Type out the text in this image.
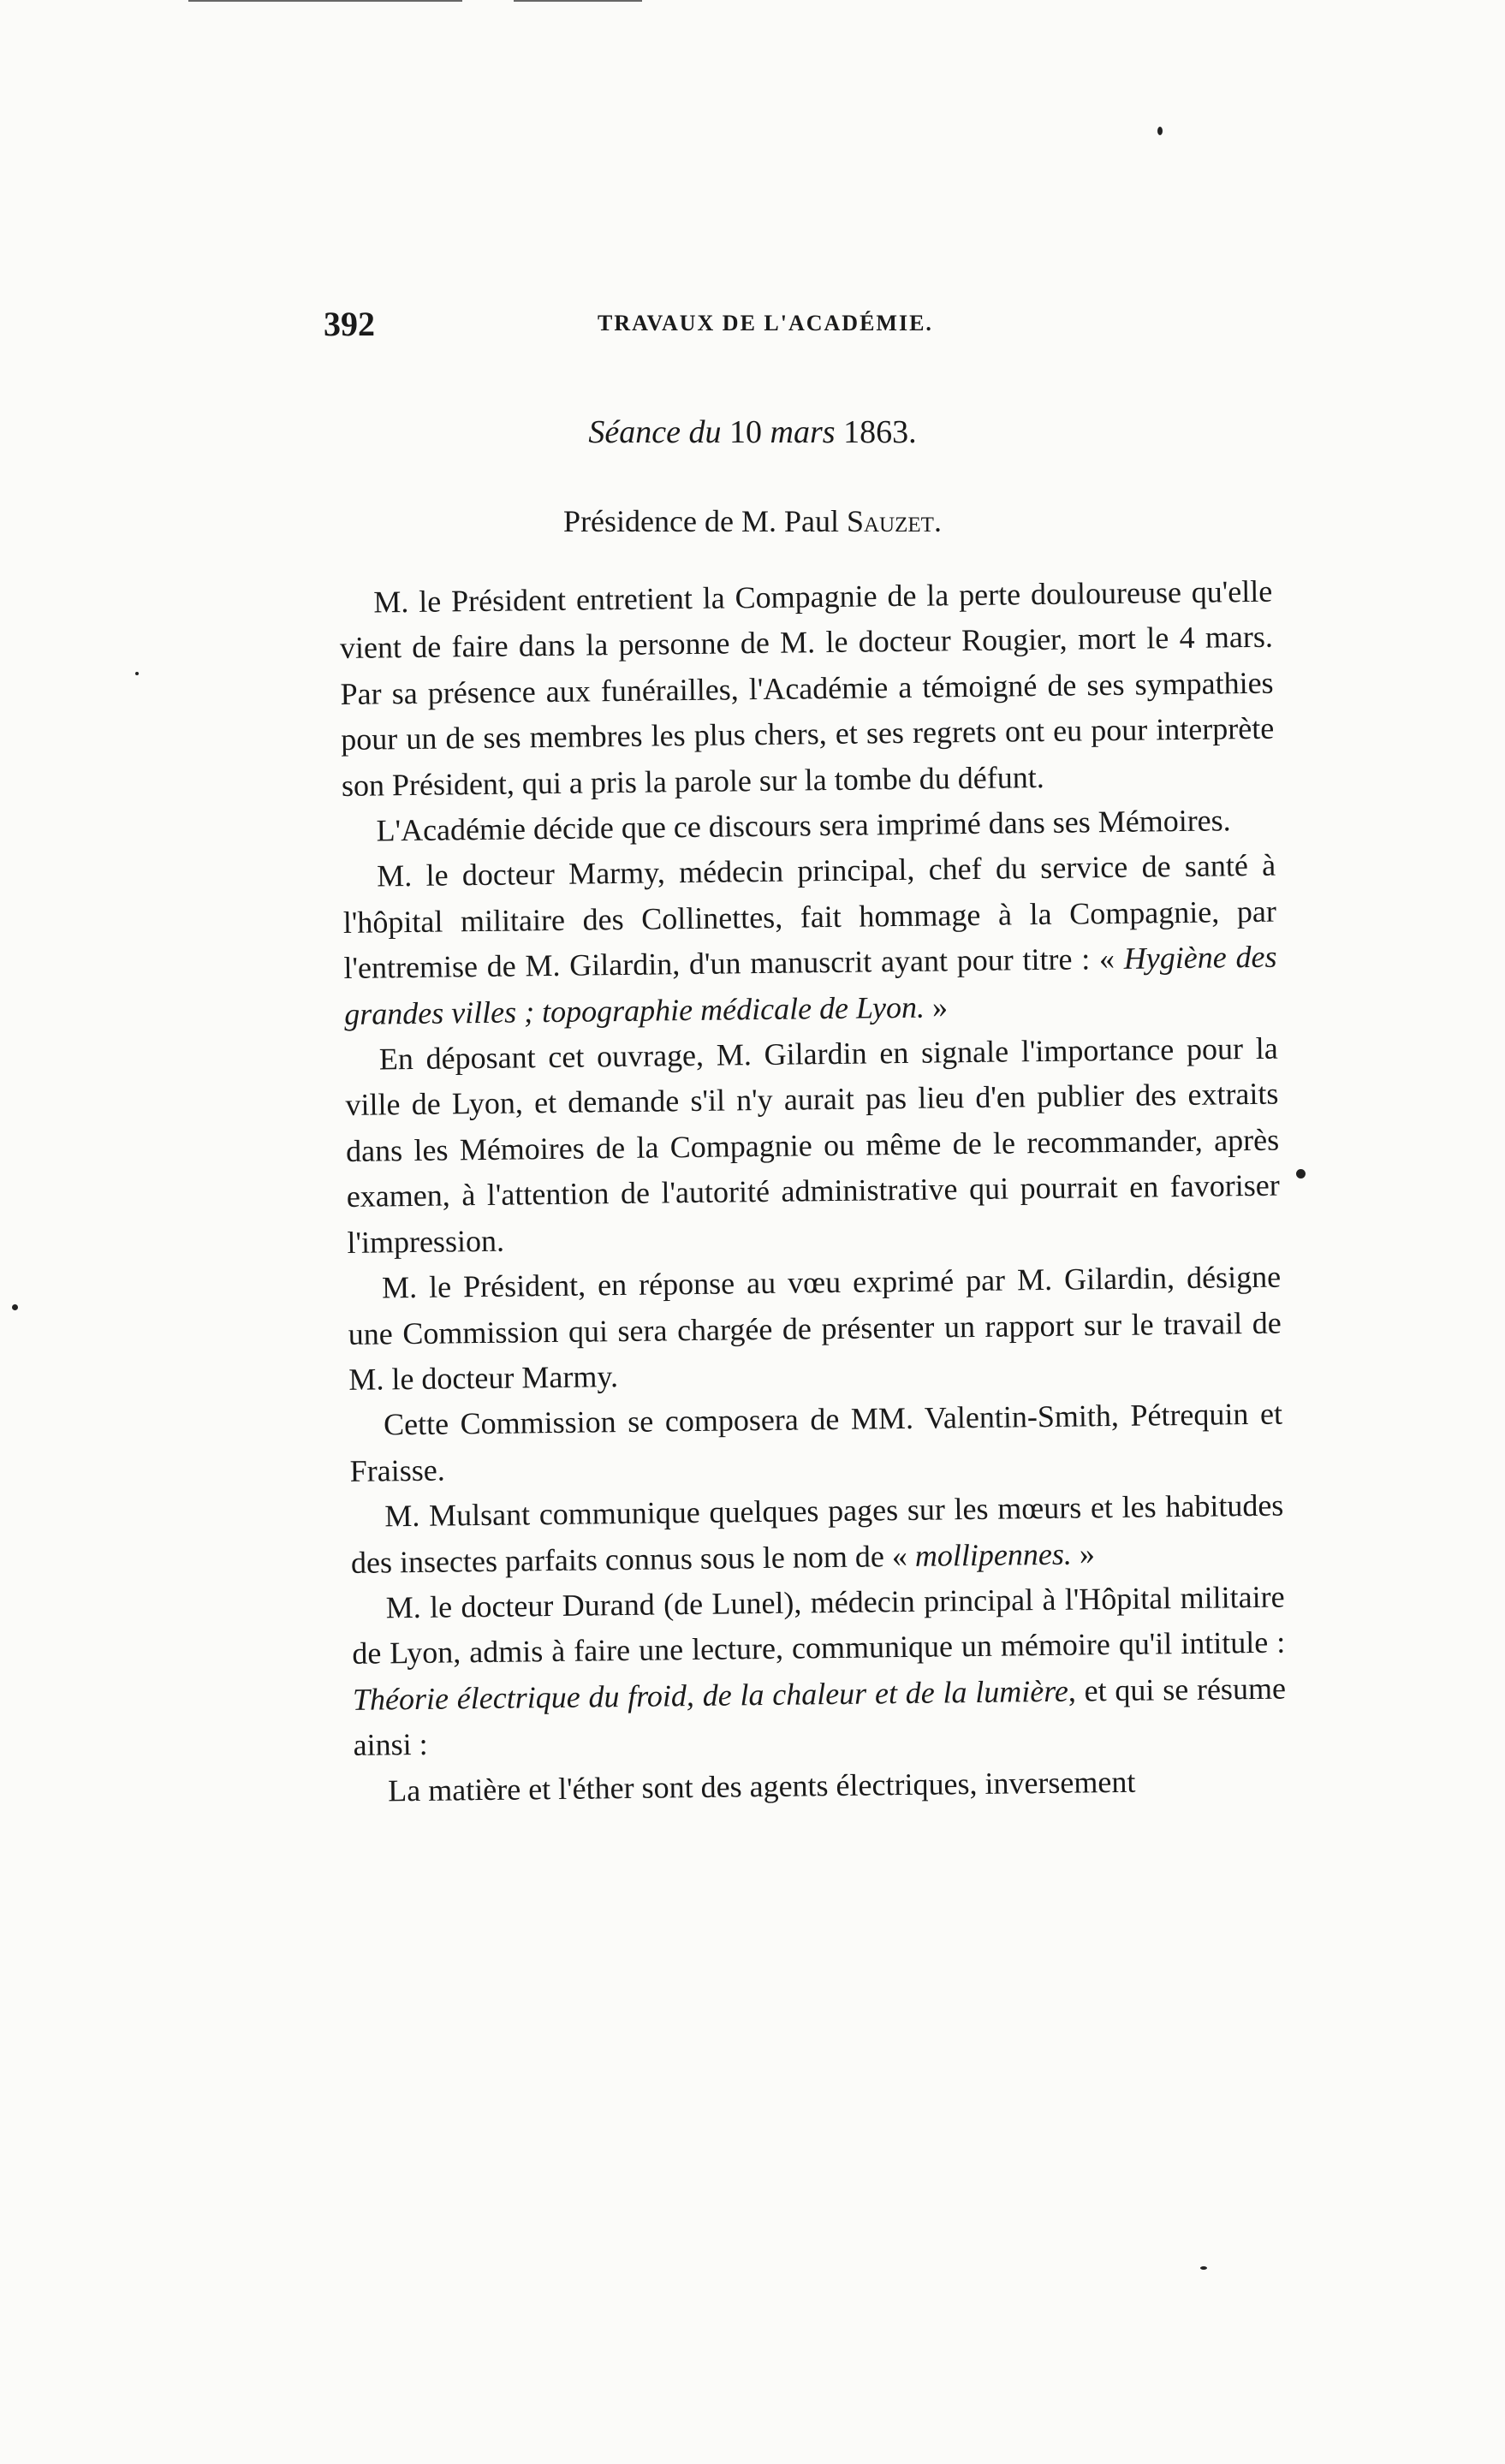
392	TRAVAUX DE L'ACADÉMIE.
Séance du 10 mars 1863.
Présidence de M. Paul Sauzet.

M. le Président entretient la Compagnie de la perte douloureuse qu'elle vient de faire dans la personne de M. le docteur Rougier, mort le 4 mars. Par sa présence aux funérailles, l'Académie a témoigné de ses sympathies pour un de ses membres les plus chers, et ses regrets ont eu pour interprète son Président, qui a pris la parole sur la tombe du défunt.

L'Académie décide que ce discours sera imprimé dans ses Mémoires.

M. le docteur Marmy, médecin principal, chef du service de santé à l'hôpital militaire des Collinettes, fait hommage à la Compagnie, par l'entremise de M. Gilardin, d'un manuscrit ayant pour titre : « Hygiène des grandes villes ; topographie médicale de Lyon. »

En déposant cet ouvrage, M. Gilardin en signale l'importance pour la ville de Lyon, et demande s'il n'y aurait pas lieu d'en publier des extraits dans les Mémoires de la Compagnie ou même de le recommander, après examen, à l'attention de l'autorité administrative qui pourrait en favoriser l'impression.

M. le Président, en réponse au vœu exprimé par M. Gilardin, désigne une Commission qui sera chargée de présenter un rapport sur le travail de M. le docteur Marmy.

Cette Commission se composera de MM. Valentin-Smith, Pétrequin et Fraisse.

M. Mulsant communique quelques pages sur les mœurs et les habitudes des insectes parfaits connus sous le nom de « mollipennes. »

M. le docteur Durand (de Lunel), médecin principal à l'Hôpital militaire de Lyon, admis à faire une lecture, communique un mémoire qu'il intitule : Théorie électrique du froid, de la chaleur et de la lumière, et qui se résume ainsi :

La matière et l'éther sont des agents électriques, inversement
